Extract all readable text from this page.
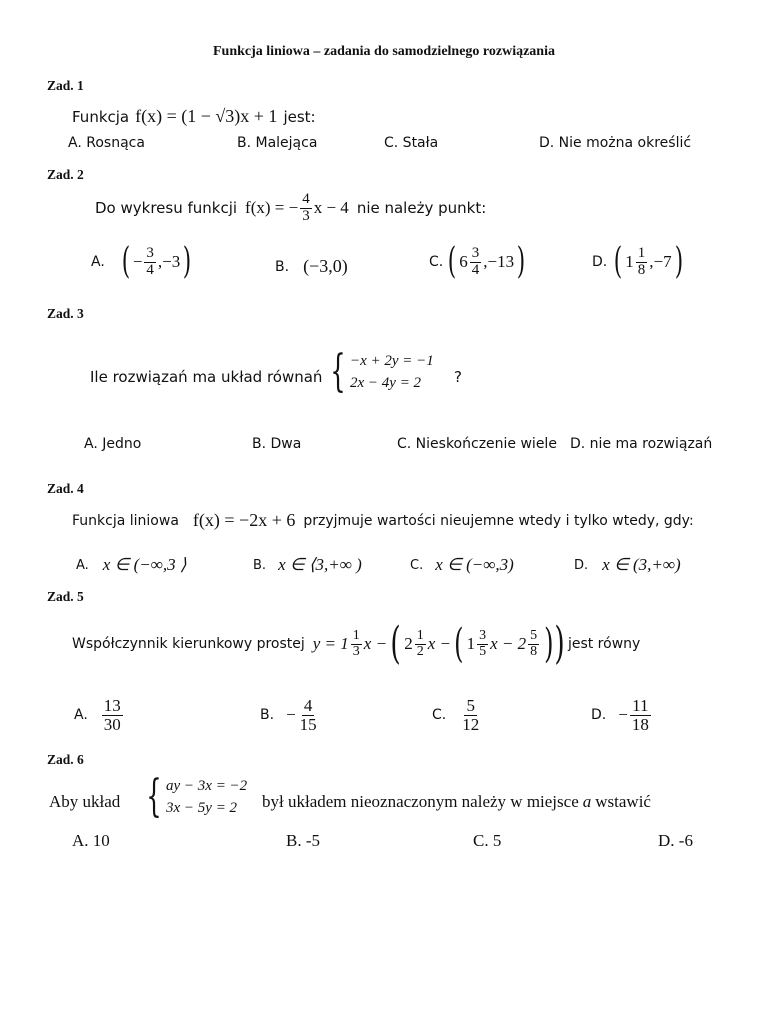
Funkcja liniowa – zadania do samodzielnego rozwiązania
Zad. 1
Funkcja f(x) = (1 − √3)x + 1 jest:
A. Rosnąca	B. Malejąca	C. Stała	D. Nie można określić
Zad. 2
Do wykresu funkcji f(x) = − $\frac{4}{3}$ x − 4 nie należy punkt:
A. ( − $\frac{3}{4} ,-3$ )	B. (−3,0)	C. ( $6 \frac{3}{4} ,-13$ )	D. ( $1 \frac{1}{8} ,-7$ )
Zad. 3
Ile rozwiązań ma układ równań { −x + 2y = −1
2x − 4y = 2	?
A. Jedno	B. Dwa	C. Nieskończenie wiele D. nie ma rozwiązań
Zad. 4
Funkcja liniowa f(x) = −2x + 6 przyjmuje wartości nieujemne wtedy i tylko wtedy, gdy:
A. x ∈ (−∞,3 ⟩	B. x ∈ ⟨3,+∞ )	C. x ∈ (−∞,3)	D. x ∈ (3,+∞)
Zad. 5
Współczynnik kierunkowy prostej $y = 1 \frac{1}{3}$ x − ( $2 \frac{1}{2}$ x − ( $1 \frac{3}{5}$ $x - 2 \frac{5}{8}$ ) ) jest równy
A. $\frac{13}{30}$	B. − $\frac{4}{15}$	C. $\frac{5}{12}$	D. − $\frac{11}{18}$
Zad. 6
Aby układ { ay − 3x = −2
3x − 5y = 2	był układem nieoznaczonym należy w miejsce a wstawić
A. 10	B. -5	C. 5	D. -6
